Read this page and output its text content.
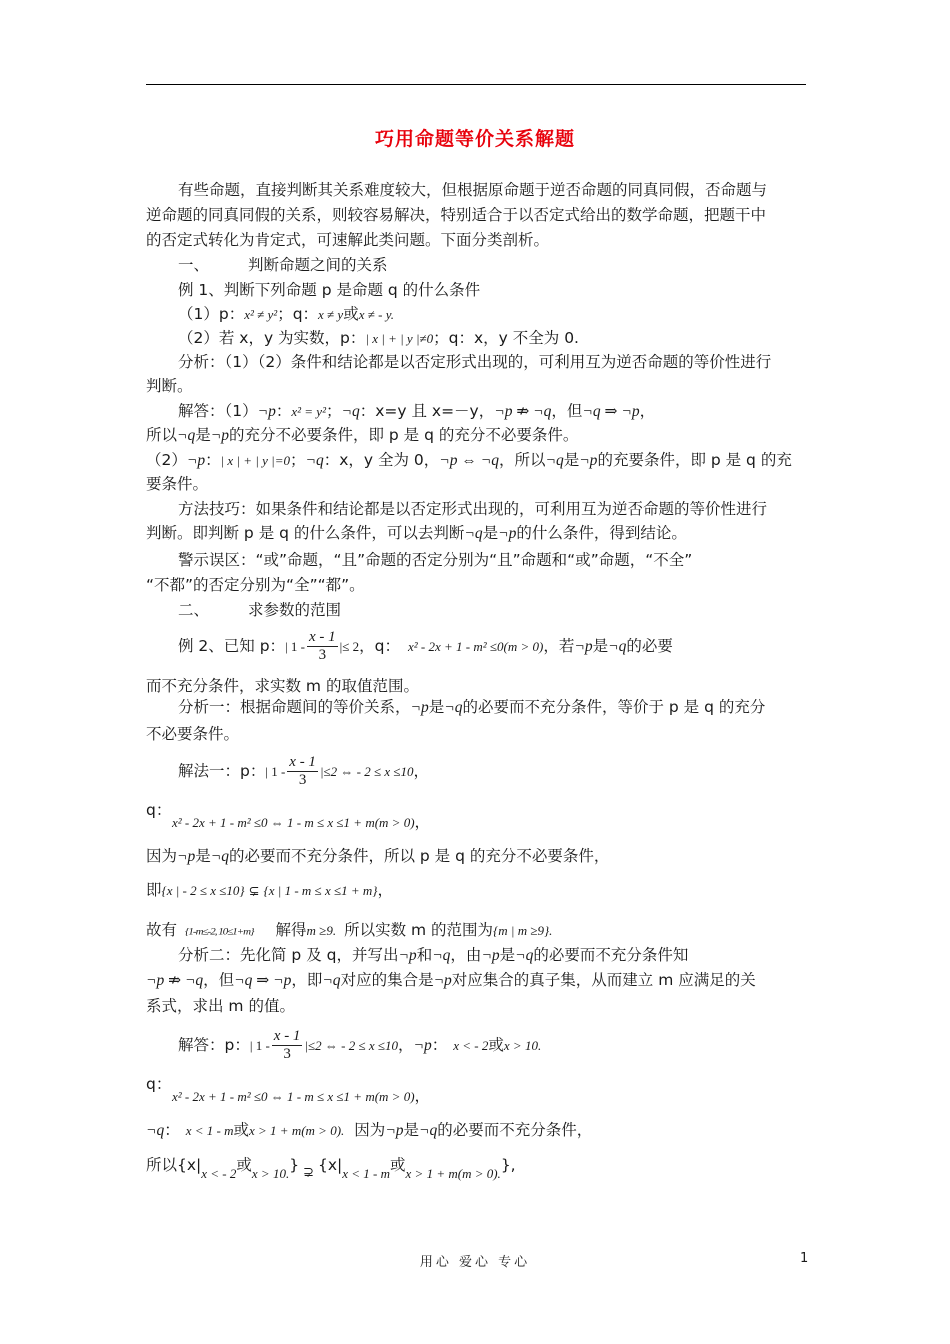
巧用命题等价关系解题
有些命题，直接判断其关系难度较大，但根据原命题于逆否命题的同真同假，否命题与
逆命题的同真同假的关系，则较容易解决，特别适合于以否定式给出的数学命题，把题干中
的否定式转化为肯定式，可速解此类问题。下面分类剖析。
一、	判断命题之间的关系
例 1、判断下列命题 p 是命题 q 的什么条件
（1）p：x² ≠ y²；q：x ≠ y或x ≠ - y.
（2）若 x，y 为实数，p：| x | + | y |≠0；q：x，y 不全为 0.
分析：（1）（2）条件和结论都是以否定形式出现的，可利用互为逆否命题的等价性进行
判断。
解答：（1）¬p：x² = y²；¬q：x=y 且 x=－y，¬p ⇏ ¬q，但¬q ⇒ ¬p，
所以¬q是¬p的充分不必要条件，即 p 是 q 的充分不必要条件。
（2）¬p：| x | + | y |=0；¬q：x，y 全为 0，¬p ⇔ ¬q，所以¬q是¬p的充要条件，即 p 是 q 的充
要条件。
方法技巧：如果条件和结论都是以否定形式出现的，可利用互为逆否命题的等价性进行
判断。即判断 p 是 q 的什么条件，可以去判断¬q是¬p的什么条件，得到结论。
警示误区：“或”命题，“且”命题的否定分别为“且”命题和“或”命题，“不全”
“不都”的否定分别为“全”“都”。
二、	求参数的范围
例 2、已知 p：| $1 - \frac{x - 1}{3}$ |≤ 2，q： x² - 2x + 1 - m² ≤0(m > 0)，若¬p是¬q的必要
而不充分条件，求实数 m 的取值范围。
分析一：根据命题间的等价关系，¬p是¬q的必要而不充分条件，等价于 p 是 q 的充分
不必要条件。
解法一：p：| $1 - \frac{x - 1}{3} |\le 2$ ⇔ - 2 ≤ x ≤10，
q：
x² - 2x + 1 - m² ≤0 ⇔ 1 - m ≤ x ≤1 + m(m > 0)，
因为¬p是¬q的必要而不充分条件，所以 p 是 q 的充分不必要条件，
即{x | - 2 ≤ x ≤10} ⊊ {x | 1 - m ≤ x ≤1 + m}，
故有 {1-m≤-2, 10≤1+m} 解得m ≥9. 所以实数 m 的范围为{m | m ≥9}.
分析二：先化简 p 及 q，并写出¬p和¬q，由¬p是¬q的必要而不充分条件知
¬p ⇏ ¬q，但¬q ⇒ ¬p，即¬q对应的集合是¬p对应集合的真子集，从而建立 m 应满足的关
系式，求出 m 的值。
解答：p：| $1 - \frac{x - 1}{3} |\le 2$ ⇔ - 2 ≤ x ≤10，¬p： x < - 2或x > 10.
q：
x² - 2x + 1 - m² ≤0 ⇔ 1 - m ≤ x ≤1 + m(m > 0)，
¬q： x < 1 - m或x > 1 + m(m > 0). 因为¬p是¬q的必要而不充分条件，
所以{$x|_{x < - 2}$或$_{x > 10.}$} $_⊋$ {$x|_{x < 1 - m}$或$_{x > 1 + m(m > 0).}$},
用心 爱心 专心	1
